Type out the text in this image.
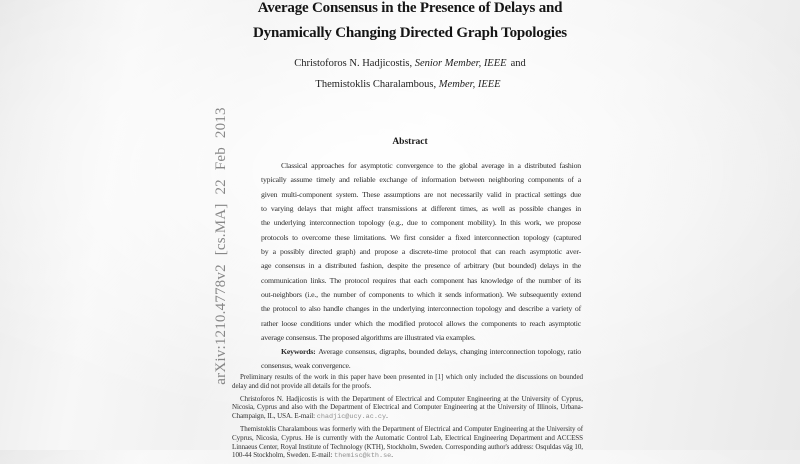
arXiv:1210.4778v2 [cs.MA] 22 Feb 2013
Average Consensus in the Presence of Delays and
Dynamically Changing Directed Graph Topologies
Christoforos N. Hadjicostis, Senior Member, IEEE and
Themistoklis Charalambous, Member, IEEE
Abstract
Classical approaches for asymptotic convergence to the global average in a distributed fashion
typically assume timely and reliable exchange of information between neighboring components of a
given multi-component system. These assumptions are not necessarily valid in practical settings due
to varying delays that might affect transmissions at different times, as well as possible changes in
the underlying interconnection topology (e.g., due to component mobility). In this work, we propose
protocols to overcome these limitations. We first consider a fixed interconnection topology (captured
by a possibly directed graph) and propose a discrete-time protocol that can reach asymptotic aver-
age consensus in a distributed fashion, despite the presence of arbitrary (but bounded) delays in the
communication links. The protocol requires that each component has knowledge of the number of its
out-neighbors (i.e., the number of components to which it sends information). We subsequently extend
the protocol to also handle changes in the underlying interconnection topology and describe a variety of
rather loose conditions under which the modified protocol allows the components to reach asymptotic
average consensus. The proposed algorithms are illustrated via examples.
Keywords: Average consensus, digraphs, bounded delays, changing interconnection topology, ratio
consensus, weak convergence.

Preliminary results of the work in this paper have been presented in [1] which only included the discussions on bounded delay and did not provide all details for the proofs.

Christoforos N. Hadjicostis is with the Department of Electrical and Computer Engineering at the University of Cyprus, Nicosia, Cyprus and also with the Department of Electrical and Computer Engineering at the University of Illinois, Urbana-Champaign, IL, USA. E-mail: chadjic@ucy.ac.cy.

Themistoklis Charalambous was formerly with the Department of Electrical and Computer Engineering at the University of Cyprus, Nicosia, Cyprus. He is currently with the Automatic Control Lab, Electrical Engineering Department and ACCESS Linnaeus Center, Royal Institute of Technology (KTH), Stockholm, Sweden. Corresponding author's address: Osquldas väg 10, 100-44 Stockholm, Sweden. E-mail: themisc@kth.se.
